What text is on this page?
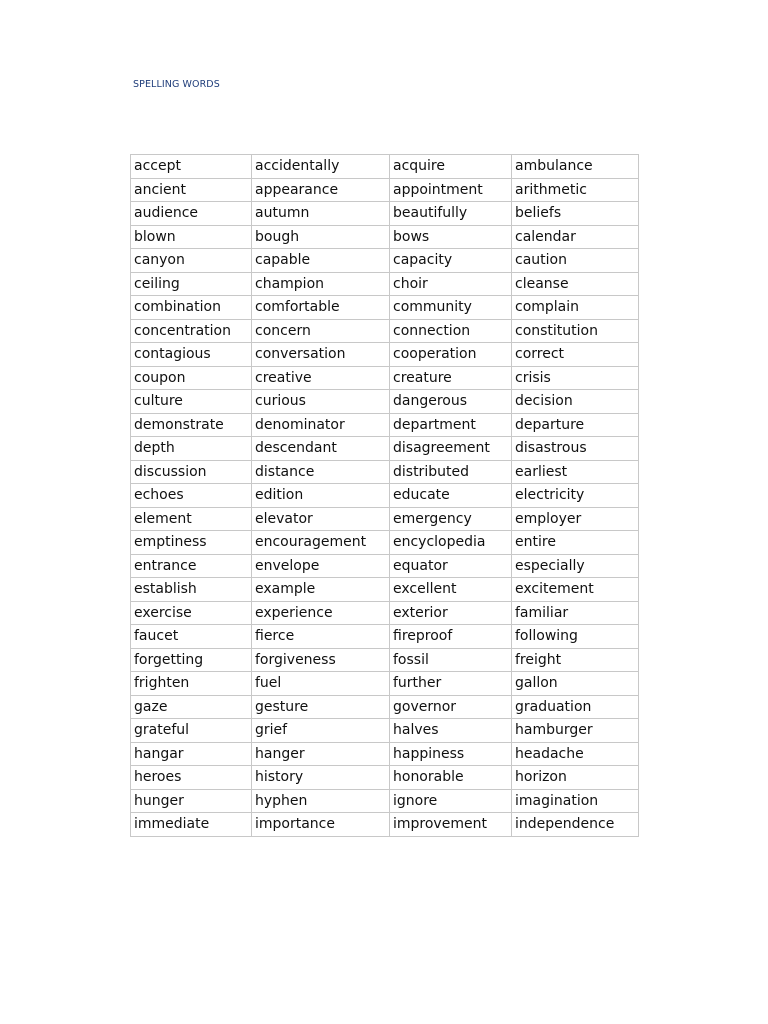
SPELLING WORDS
accept	accidentally	acquire	ambulance
ancient	appearance	appointment	arithmetic
audience	autumn	beautifully	beliefs
blown	bough	bows	calendar
canyon	capable	capacity	caution
ceiling	champion	choir	cleanse
combination	comfortable	community	complain
concentration	concern	connection	constitution
contagious	conversation	cooperation	correct
coupon	creative	creature	crisis
culture	curious	dangerous	decision
demonstrate	denominator	department	departure
depth	descendant	disagreement	disastrous
discussion	distance	distributed	earliest
echoes	edition	educate	electricity
element	elevator	emergency	employer
emptiness	encouragement	encyclopedia	entire
entrance	envelope	equator	especially
establish	example	excellent	excitement
exercise	experience	exterior	familiar
faucet	fierce	fireproof	following
forgetting	forgiveness	fossil	freight
frighten	fuel	further	gallon
gaze	gesture	governor	graduation
grateful	grief	halves	hamburger
hangar	hanger	happiness	headache
heroes	history	honorable	horizon
hunger	hyphen	ignore	imagination
immediate	importance	improvement	independence
